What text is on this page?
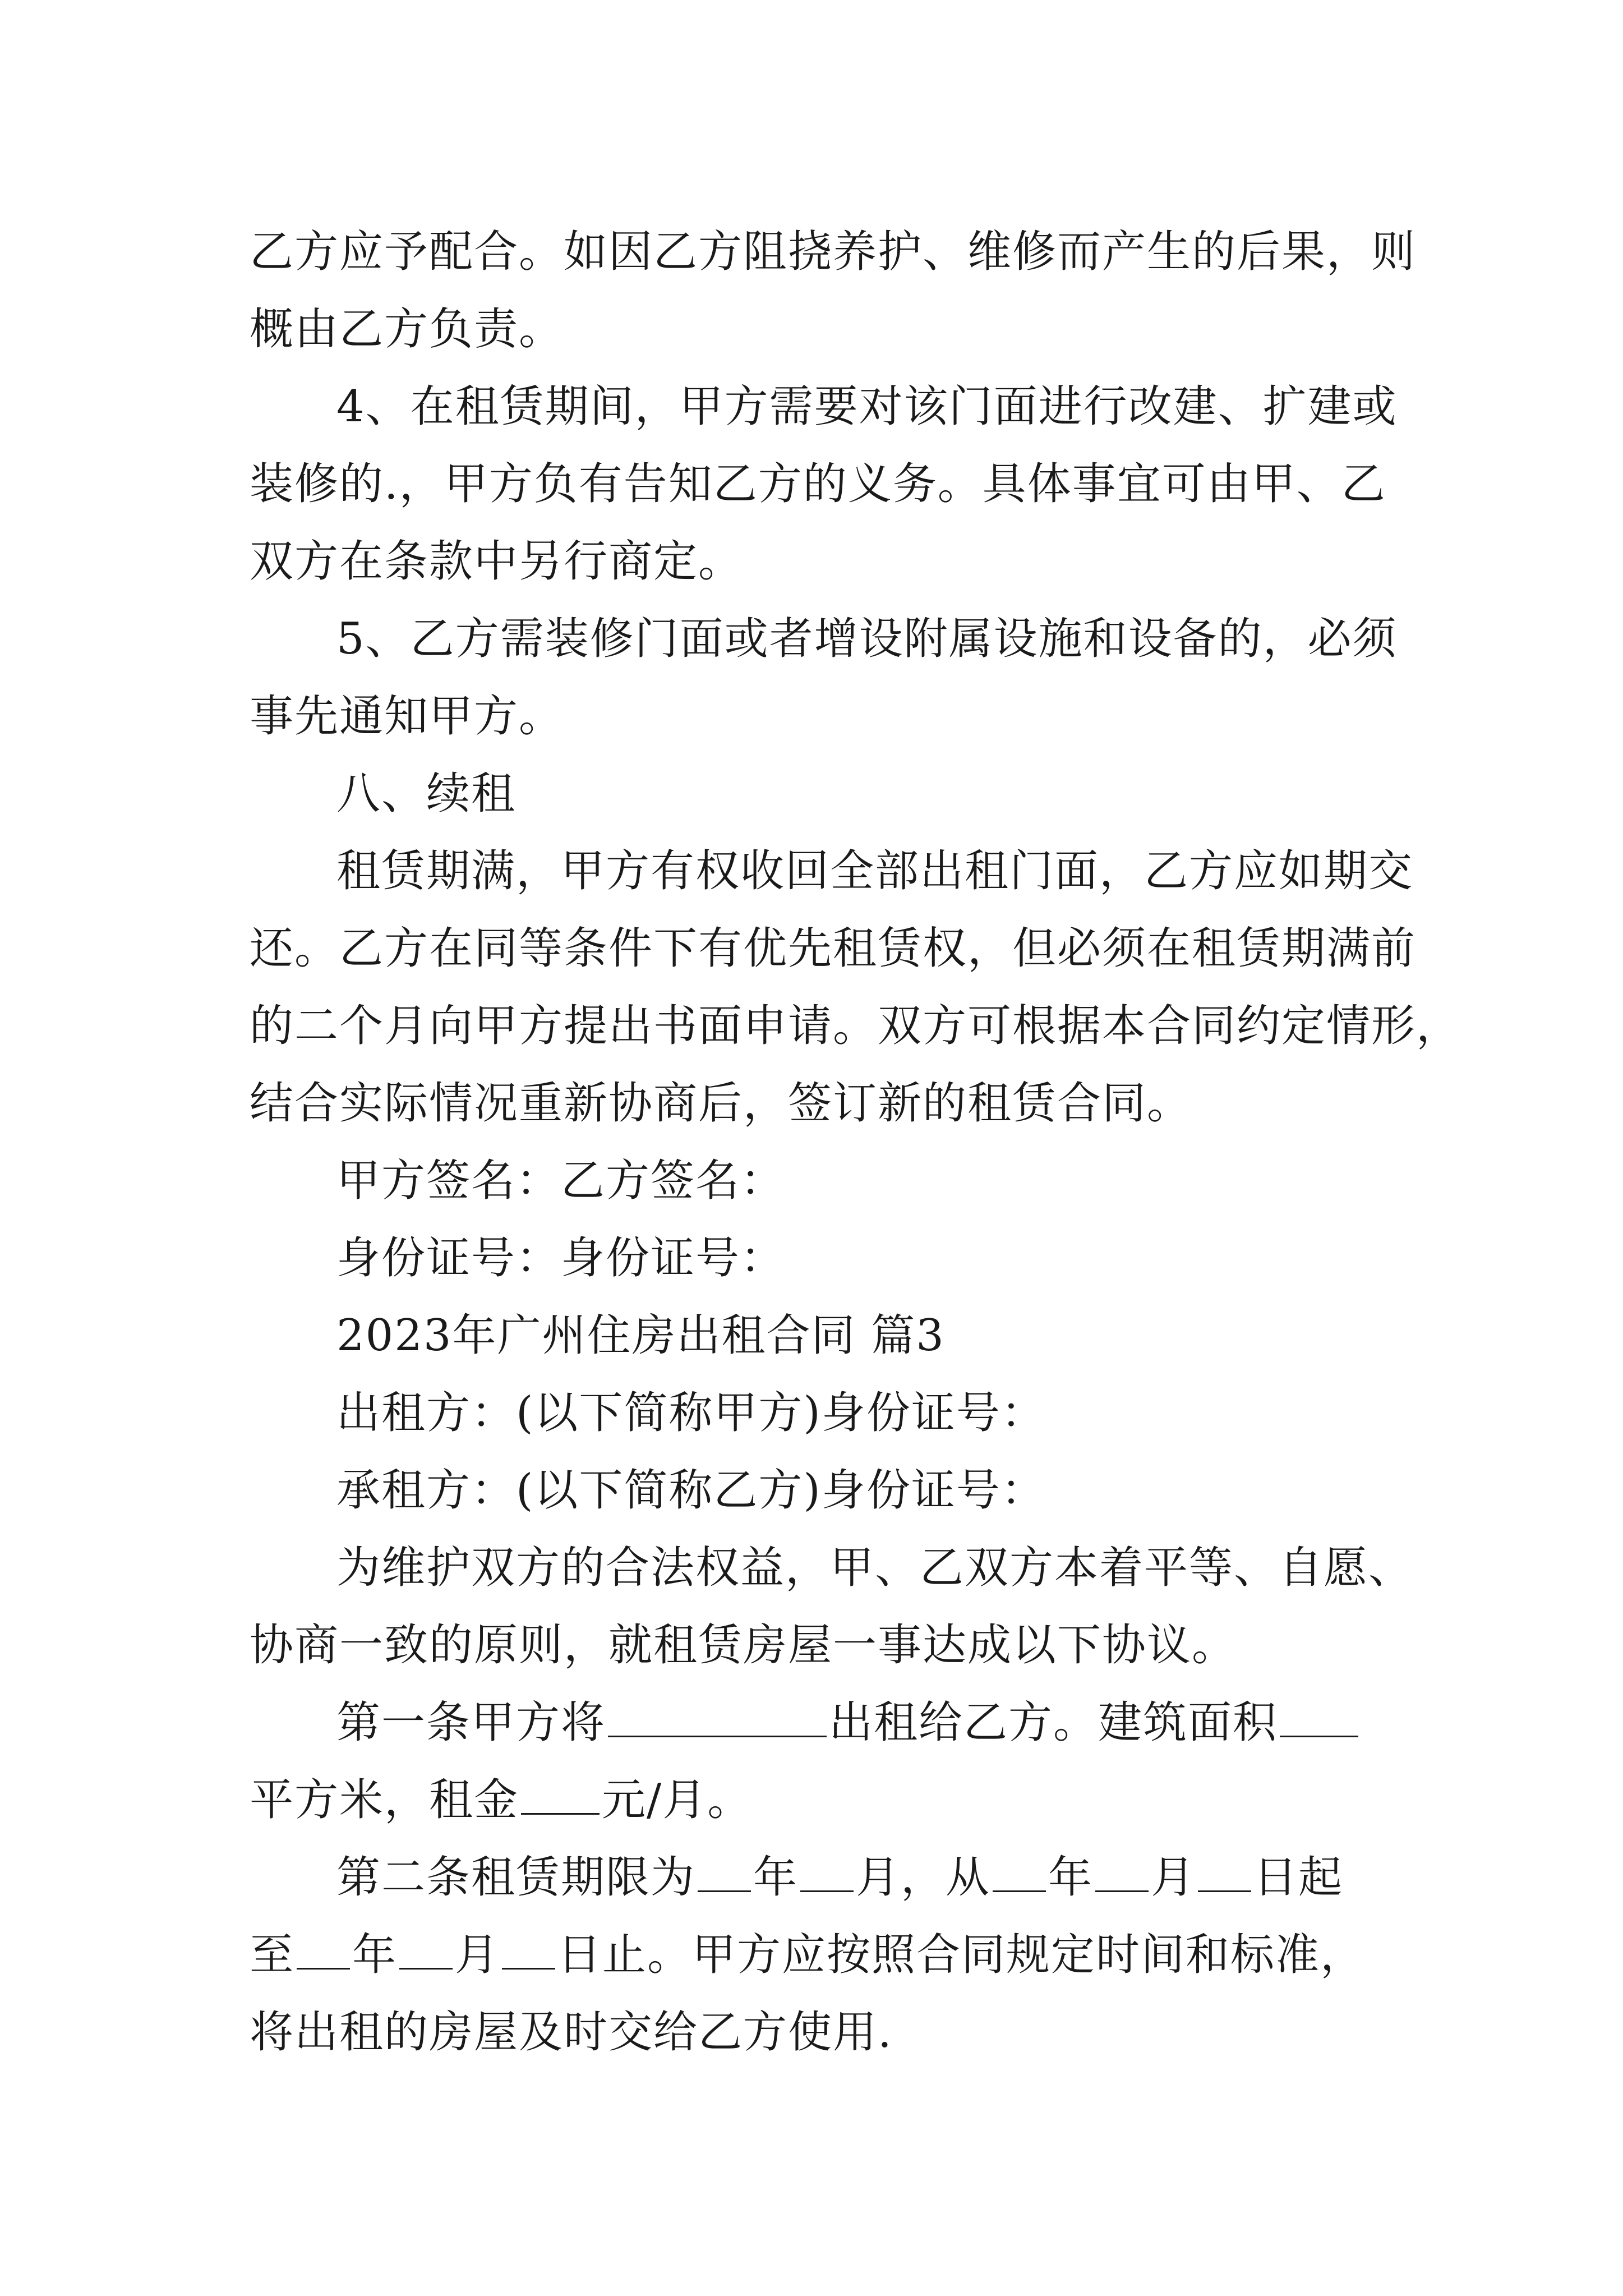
乙方应予配合。如因乙方阻挠养护、维修而产生的后果，则
概由乙方负责。
4、在租赁期间，甲方需要对该门面进行改建、扩建或
装修的.，甲方负有告知乙方的义务。具体事宜可由甲、乙
双方在条款中另行商定。
5、乙方需装修门面或者增设附属设施和设备的，必须
事先通知甲方。
八、续租
租赁期满，甲方有权收回全部出租门面，乙方应如期交
还。乙方在同等条件下有优先租赁权，但必须在租赁期满前
的二个月向甲方提出书面申请。双方可根据本合同约定情形，
结合实际情况重新协商后，签订新的租赁合同。
甲方签名：乙方签名：
身份证号：身份证号：
2023年广州住房出租合同 篇3
出租方：(以下简称甲方)身份证号：
承租方：(以下简称乙方)身份证号：
为维护双方的合法权益，甲、乙双方本着平等、自愿、
协商一致的原则，就租赁房屋一事达成以下协议。
第一条甲方将	出租给乙方。建筑面积
平方米，租金 元/月。
第二条租赁期限为 年 月，从 年 月 日起
至 年 月 日止。甲方应按照合同规定时间和标准，
将出租的房屋及时交给乙方使用.
